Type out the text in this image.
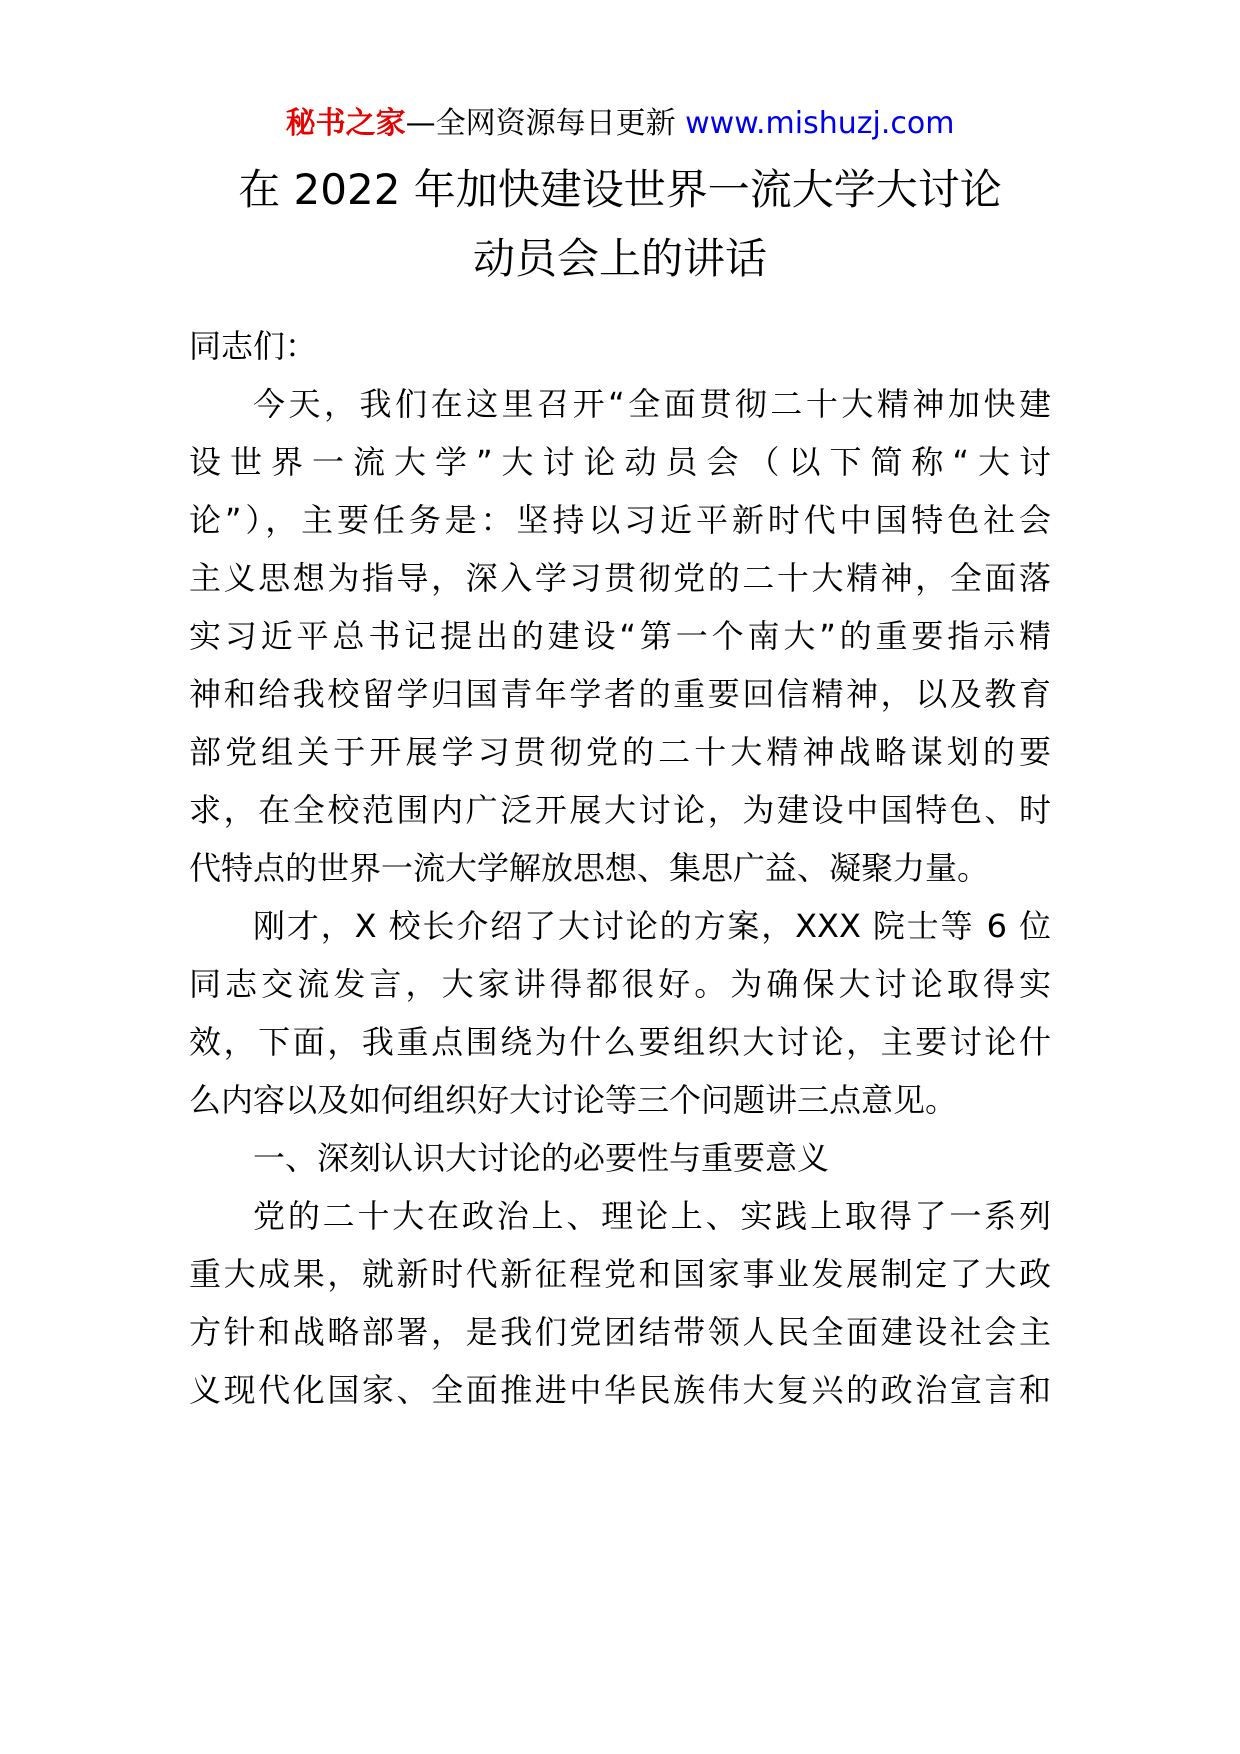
秘书之家—全网资源每日更新 www.mishuzj.com
在 2022 年加快建设世界一流大学大讨论
动员会上的讲话
同志们：
今天，我们在这里召开“全面贯彻二十大精神加快建
设世界一流大学”大讨论动员会（以下简称“大讨
论”），主要任务是：坚持以习近平新时代中国特色社会
主义思想为指导，深入学习贯彻党的二十大精神，全面落
实习近平总书记提出的建设“第一个南大”的重要指示精
神和给我校留学归国青年学者的重要回信精神，以及教育
部党组关于开展学习贯彻党的二十大精神战略谋划的要
求，在全校范围内广泛开展大讨论，为建设中国特色、时
代特点的世界一流大学解放思想、集思广益、凝聚力量。
刚才，X 校长介绍了大讨论的方案，XXX 院士等 6 位
同志交流发言，大家讲得都很好。为确保大讨论取得实
效，下面，我重点围绕为什么要组织大讨论，主要讨论什
么内容以及如何组织好大讨论等三个问题讲三点意见。
一、深刻认识大讨论的必要性与重要意义
党的二十大在政治上、理论上、实践上取得了一系列
重大成果，就新时代新征程党和国家事业发展制定了大政
方针和战略部署，是我们党团结带领人民全面建设社会主
义现代化国家、全面推进中华民族伟大复兴的政治宣言和
